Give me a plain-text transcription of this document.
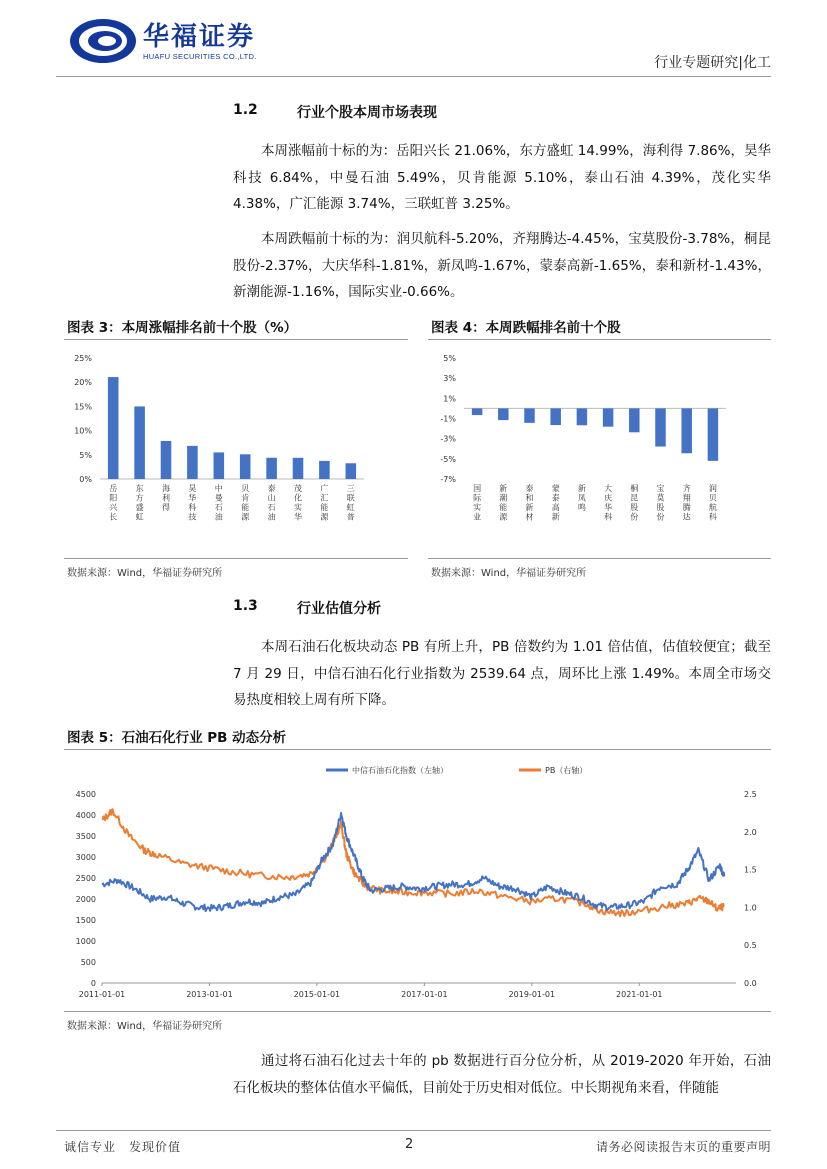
华福证券
HUAFU SECURITIES CO.,LTD.	行业专题研究|化工
1.2	行业个股本周市场表现
本周涨幅前十标的为：岳阳兴长 21.06%，东方盛虹 14.99%，海利得 7.86%，昊华科技 6.84%，中曼石油 5.49%，贝肯能源 5.10%，泰山石油 4.39%，茂化实华 4.38%，广汇能源 3.74%，三联虹普 3.25%。
本周跌幅前十标的为：润贝航科-5.20%，齐翔腾达-4.45%，宝莫股份-3.78%，桐昆股份-2.37%，大庆华科-1.81%，新凤鸣-1.67%，蒙泰高新-1.65%，泰和新材-1.43%，新潮能源-1.16%，国际实业-0.66%。
图表 3：本周涨幅排名前十个股（%）
0%
5%
10%
15%
20%
25%
岳阳兴长
东方盛虹
海利得
昊华科技
中曼石油
贝肯能源
泰山石油
茂化实华
广汇能源
三联虹普
数据来源：Wind，华福证券研究所
图表 4：本周跌幅排名前十个股
-7%
-5%
-3%
-1%
1%
3%
5%
国际实业
新潮能源
泰和新材
蒙泰高新
新凤鸣
大庆华科
桐昆股份
宝莫股份
齐翔腾达
润贝航科
数据来源：Wind，华福证券研究所
1.3	行业估值分析
本周石油石化板块动态 PB 有所上升，PB 倍数约为 1.01 倍估值，估值较便宜；截至 7 月 29 日，中信石油石化行业指数为 2539.64 点，周环比上涨 1.49%。本周全市场交易热度相较上周有所下降。
图表 5：石油石化行业 PB 动态分析
中信石油石化指数（左轴）	PB（右轴）
0
500
1000
1500
2000
2500
3000
3500
4000
4500
0.0
0.5
1.0
1.5
2.0
2.5
2011-01-01	2013-01-01	2015-01-01	2017-01-01	2019-01-01	2021-01-01
数据来源：Wind，华福证券研究所
通过将石油石化过去十年的 pb 数据进行百分位分析，从 2019-2020 年开始，石油石化板块的整体估值水平偏低，目前处于历史相对低位。中长期视角来看，伴随能
诚信专业　发现价值	2	请务必阅读报告末页的重要声明
